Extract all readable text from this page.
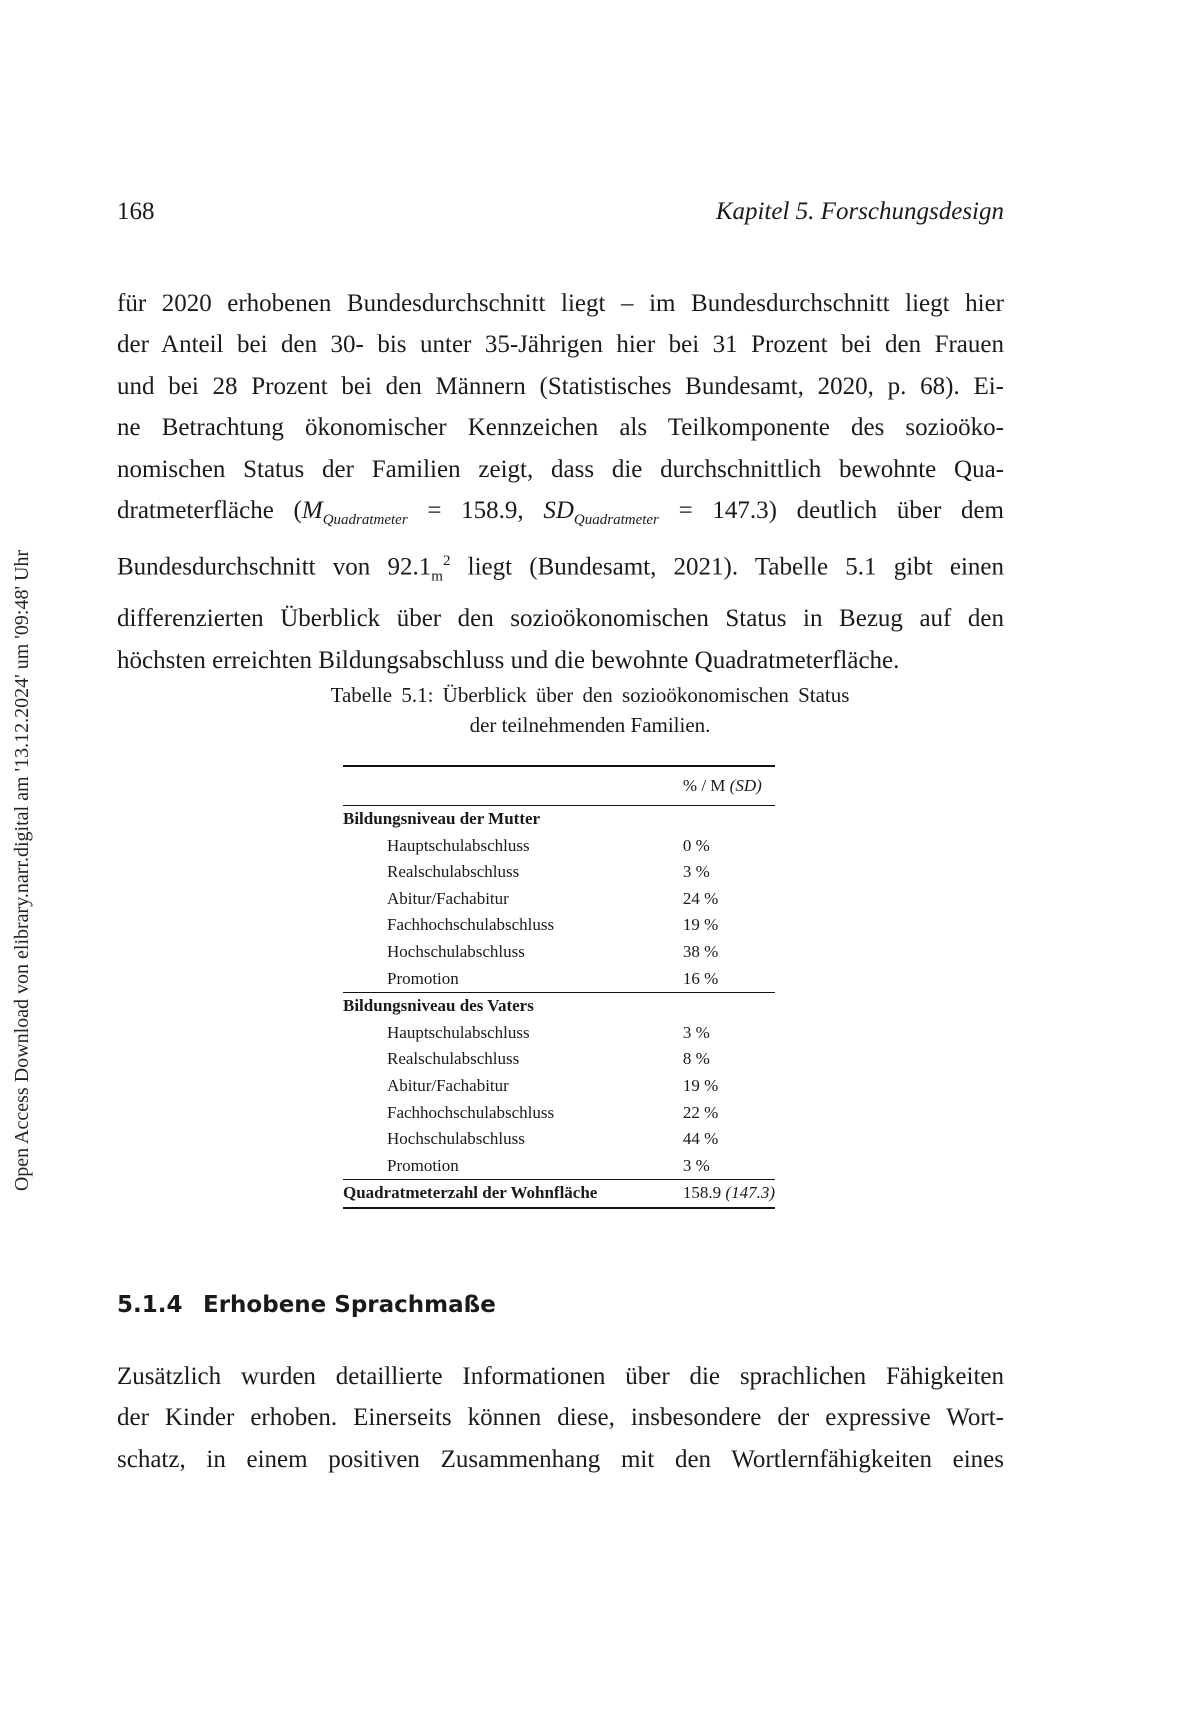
Open Access Download von elibrary.narr.digital am '13.12.2024' um '09:48' Uhr
168	Kapitel 5. Forschungsdesign
für 2020 erhobenen Bundesdurchschnitt liegt – im Bundesdurchschnitt liegt hier
der Anteil bei den 30- bis unter 35-Jährigen hier bei 31 Prozent bei den Frauen
und bei 28 Prozent bei den Männern (Statistisches Bundesamt, 2020, p. 68). Ei-
ne Betrachtung ökonomischer Kennzeichen als Teilkomponente des sozioöko-
nomischen Status der Familien zeigt, dass die durchschnittlich bewohnte Qua-
dratmeterfläche ($M_{Quadratmeter} = 158.9$, $SD_{Quadratmeter} = 147.3$) deutlich über dem
Bundesdurchschnitt von $92.1_m^2$ liegt (Bundesamt, 2021). Tabelle 5.1 gibt einen
differenzierten Überblick über den sozioökonomischen Status in Bezug auf den
höchsten erreichten Bildungsabschluss und die bewohnte Quadratmeterfläche.
Tabelle 5.1: Überblick über den sozioökonomischen Status
der teilnehmenden Familien.
	% / M (SD)
Bildungsniveau der Mutter	
Hauptschulabschluss	0 %
Realschulabschluss	3 %
Abitur/Fachabitur	24 %
Fachhochschulabschluss	19 %
Hochschulabschluss	38 %
Promotion	16 %
Bildungsniveau des Vaters	
Hauptschulabschluss	3 %
Realschulabschluss	8 %
Abitur/Fachabitur	19 %
Fachhochschulabschluss	22 %
Hochschulabschluss	44 %
Promotion	3 %
Quadratmeterzahl der Wohnfläche	158.9 (147.3)
5.1.4 Erhobene Sprachmaße
Zusätzlich wurden detaillierte Informationen über die sprachlichen Fähigkeiten
der Kinder erhoben. Einerseits können diese, insbesondere der expressive Wort-
schatz, in einem positiven Zusammenhang mit den Wortlernfähigkeiten eines
